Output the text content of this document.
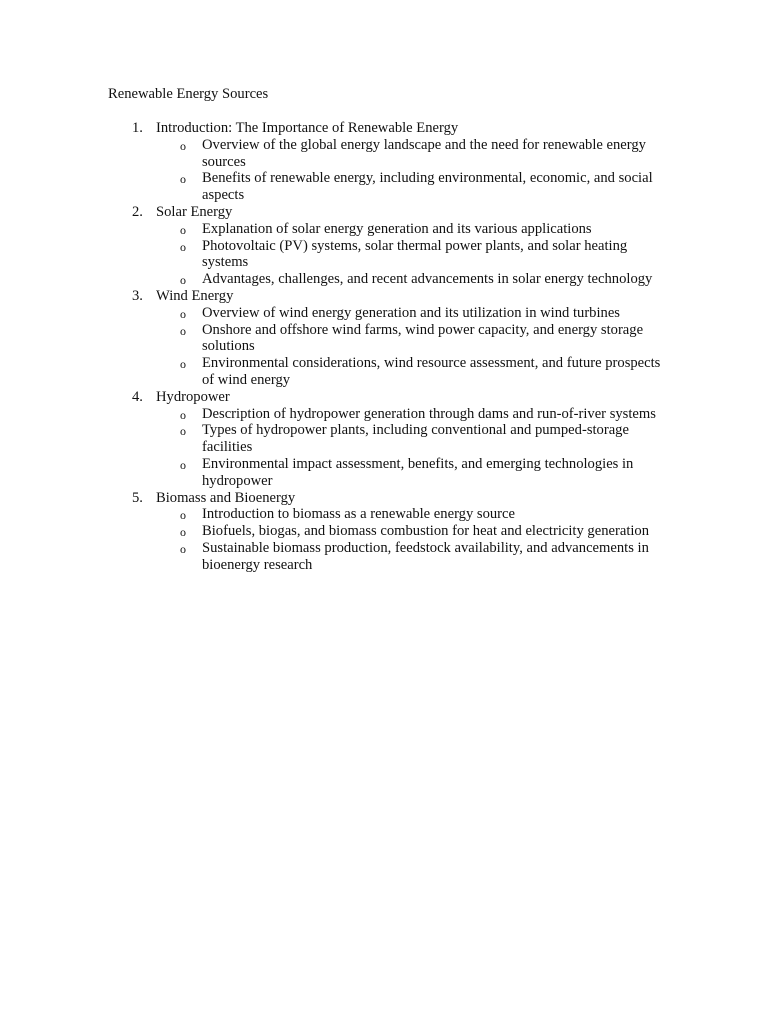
Renewable Energy Sources
1. Introduction: The Importance of Renewable Energy
o Overview of the global energy landscape and the need for renewable energy sources
o Benefits of renewable energy, including environmental, economic, and social aspects
2. Solar Energy
o Explanation of solar energy generation and its various applications
o Photovoltaic (PV) systems, solar thermal power plants, and solar heating systems
o Advantages, challenges, and recent advancements in solar energy technology
3. Wind Energy
o Overview of wind energy generation and its utilization in wind turbines
o Onshore and offshore wind farms, wind power capacity, and energy storage solutions
o Environmental considerations, wind resource assessment, and future prospects of wind energy
4. Hydropower
o Description of hydropower generation through dams and run-of-river systems
o Types of hydropower plants, including conventional and pumped-storage facilities
o Environmental impact assessment, benefits, and emerging technologies in hydropower
5. Biomass and Bioenergy
o Introduction to biomass as a renewable energy source
o Biofuels, biogas, and biomass combustion for heat and electricity generation
o Sustainable biomass production, feedstock availability, and advancements in bioenergy research
